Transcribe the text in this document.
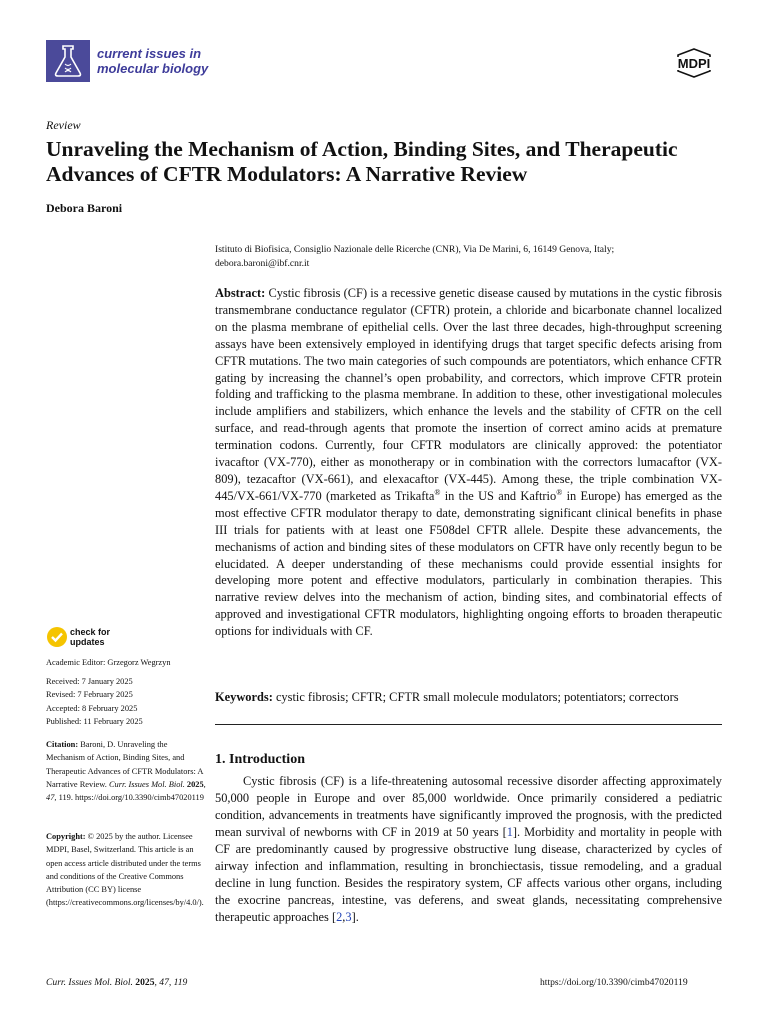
current issues in
molecular biology	MDPI
Review
Unraveling the Mechanism of Action, Binding Sites, and Therapeutic Advances of CFTR Modulators: A Narrative Review
Debora Baroni
Istituto di Biofisica, Consiglio Nazionale delle Ricerche (CNR), Via De Marini, 6, 16149 Genova, Italy;
debora.baroni@ibf.cnr.it
Abstract: Cystic fibrosis (CF) is a recessive genetic disease caused by mutations in the cystic fibrosis transmembrane conductance regulator (CFTR) protein, a chloride and bicarbonate channel localized on the plasma membrane of epithelial cells. Over the last three decades, high-throughput screening assays have been extensively employed in identifying drugs that target specific defects arising from CFTR mutations. The two main categories of such compounds are potentiators, which enhance CFTR gating by increasing the channel’s open probability, and correctors, which improve CFTR protein folding and trafficking to the plasma membrane. In addition to these, other investigational molecules include amplifiers and stabilizers, which enhance the levels and the stability of CFTR on the cell surface, and read-through agents that promote the insertion of correct amino acids at premature termination codons. Currently, four CFTR modulators are clinically approved: the potentiator ivacaftor (VX-770), either as monotherapy or in combination with the correctors lumacaftor (VX-809), tezacaftor (VX-661), and elexacaftor (VX-445). Among these, the triple combination VX-445/VX-661/VX-770 (marketed as Trikafta® in the US and Kaftrio® in Europe) has emerged as the most effective CFTR modulator therapy to date, demonstrating significant clinical benefits in phase III trials for patients with at least one F508del CFTR allele. Despite these advancements, the mechanisms of action and binding sites of these modulators on CFTR have only recently begun to be elucidated. A deeper understanding of these mechanisms could provide essential insights for developing more potent and effective modulators, particularly in combination therapies. This narrative review delves into the mechanism of action, binding sites, and combinatorial effects of approved and investigational CFTR modulators, highlighting ongoing efforts to broaden therapeutic options for individuals with CF.
Keywords: cystic fibrosis; CFTR; CFTR small molecule modulators; potentiators; correctors
1. Introduction
Cystic fibrosis (CF) is a life-threatening autosomal recessive disorder affecting approximately 50,000 people in Europe and over 85,000 worldwide. Once primarily considered a pediatric condition, advancements in treatments have significantly improved the prognosis, with the predicted mean survival of newborns with CF in 2019 at 50 years [1]. Morbidity and mortality in people with CF are predominantly caused by progressive obstructive lung disease, characterized by cycles of airway infection and inflammation, resulting in bronchiectasis, tissue remodeling, and a gradual decline in lung function. Besides the respiratory system, CF affects various other organs, including the exocrine pancreas, intestine, vas deferens, and sweat glands, necessitating comprehensive therapeutic approaches [2,3].
check for
updates
Academic Editor: Grzegorz Wegrzyn
Received: 7 January 2025
Revised: 7 February 2025
Accepted: 8 February 2025
Published: 11 February 2025
Citation: Baroni, D. Unraveling the Mechanism of Action, Binding Sites, and Therapeutic Advances of CFTR Modulators: A Narrative Review. Curr. Issues Mol. Biol. 2025, 47, 119. https://doi.org/10.3390/cimb47020119
Copyright: © 2025 by the author. Licensee MDPI, Basel, Switzerland. This article is an open access article distributed under the terms and conditions of the Creative Commons Attribution (CC BY) license (https://creativecommons.org/licenses/by/4.0/).
Curr. Issues Mol. Biol. 2025, 47, 119	https://doi.org/10.3390/cimb47020119
